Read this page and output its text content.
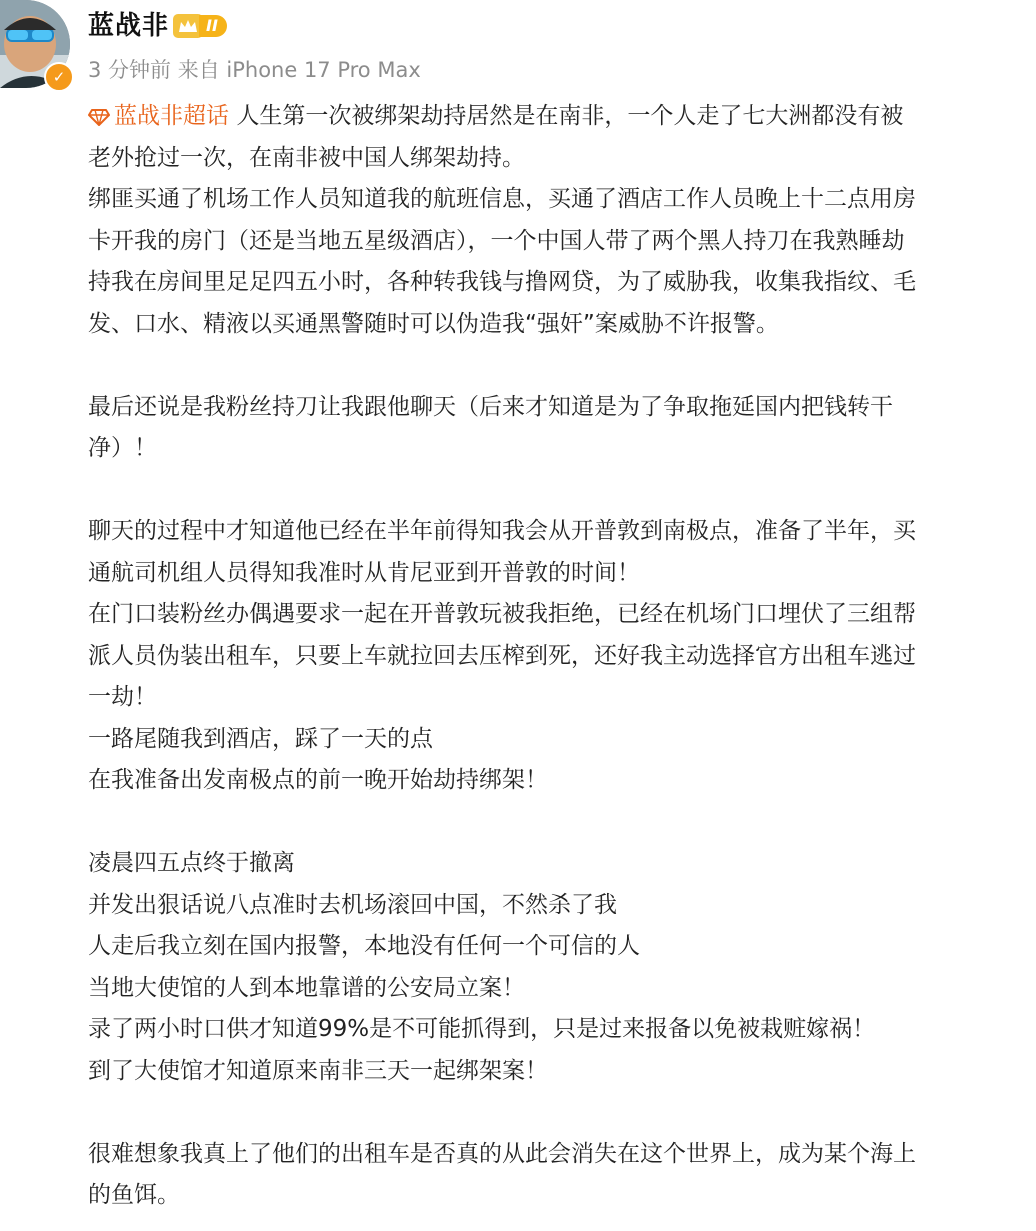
✓
蓝战非	II
3 分钟前 来自 iPhone 17 Pro Max

蓝战非超话 人生第一次被绑架劫持居然是在南非，一个人走了七大洲都没有被

老外抢过一次，在南非被中国人绑架劫持。

绑匪买通了机场工作人员知道我的航班信息，买通了酒店工作人员晚上十二点用房

卡开我的房门（还是当地五星级酒店），一个中国人带了两个黑人持刀在我熟睡劫

持我在房间里足足四五小时，各种转我钱与撸网贷，为了威胁我，收集我指纹、毛

发、口水、精液以买通黑警随时可以伪造我“强奸”案威胁不许报警。

最后还说是我粉丝持刀让我跟他聊天（后来才知道是为了争取拖延国内把钱转干

净）！

聊天的过程中才知道他已经在半年前得知我会从开普敦到南极点，准备了半年，买

通航司机组人员得知我准时从肯尼亚到开普敦的时间！

在门口装粉丝办偶遇要求一起在开普敦玩被我拒绝，已经在机场门口埋伏了三组帮

派人员伪装出租车，只要上车就拉回去压榨到死，还好我主动选择官方出租车逃过

一劫！

一路尾随我到酒店，踩了一天的点

在我准备出发南极点的前一晚开始劫持绑架！

凌晨四五点终于撤离

并发出狠话说八点准时去机场滚回中国，不然杀了我

人走后我立刻在国内报警，本地没有任何一个可信的人

当地大使馆的人到本地靠谱的公安局立案！

录了两小时口供才知道99%是不可能抓得到，只是过来报备以免被栽赃嫁祸！

到了大使馆才知道原来南非三天一起绑架案！

很难想象我真上了他们的出租车是否真的从此会消失在这个世界上，成为某个海上

的鱼饵。
